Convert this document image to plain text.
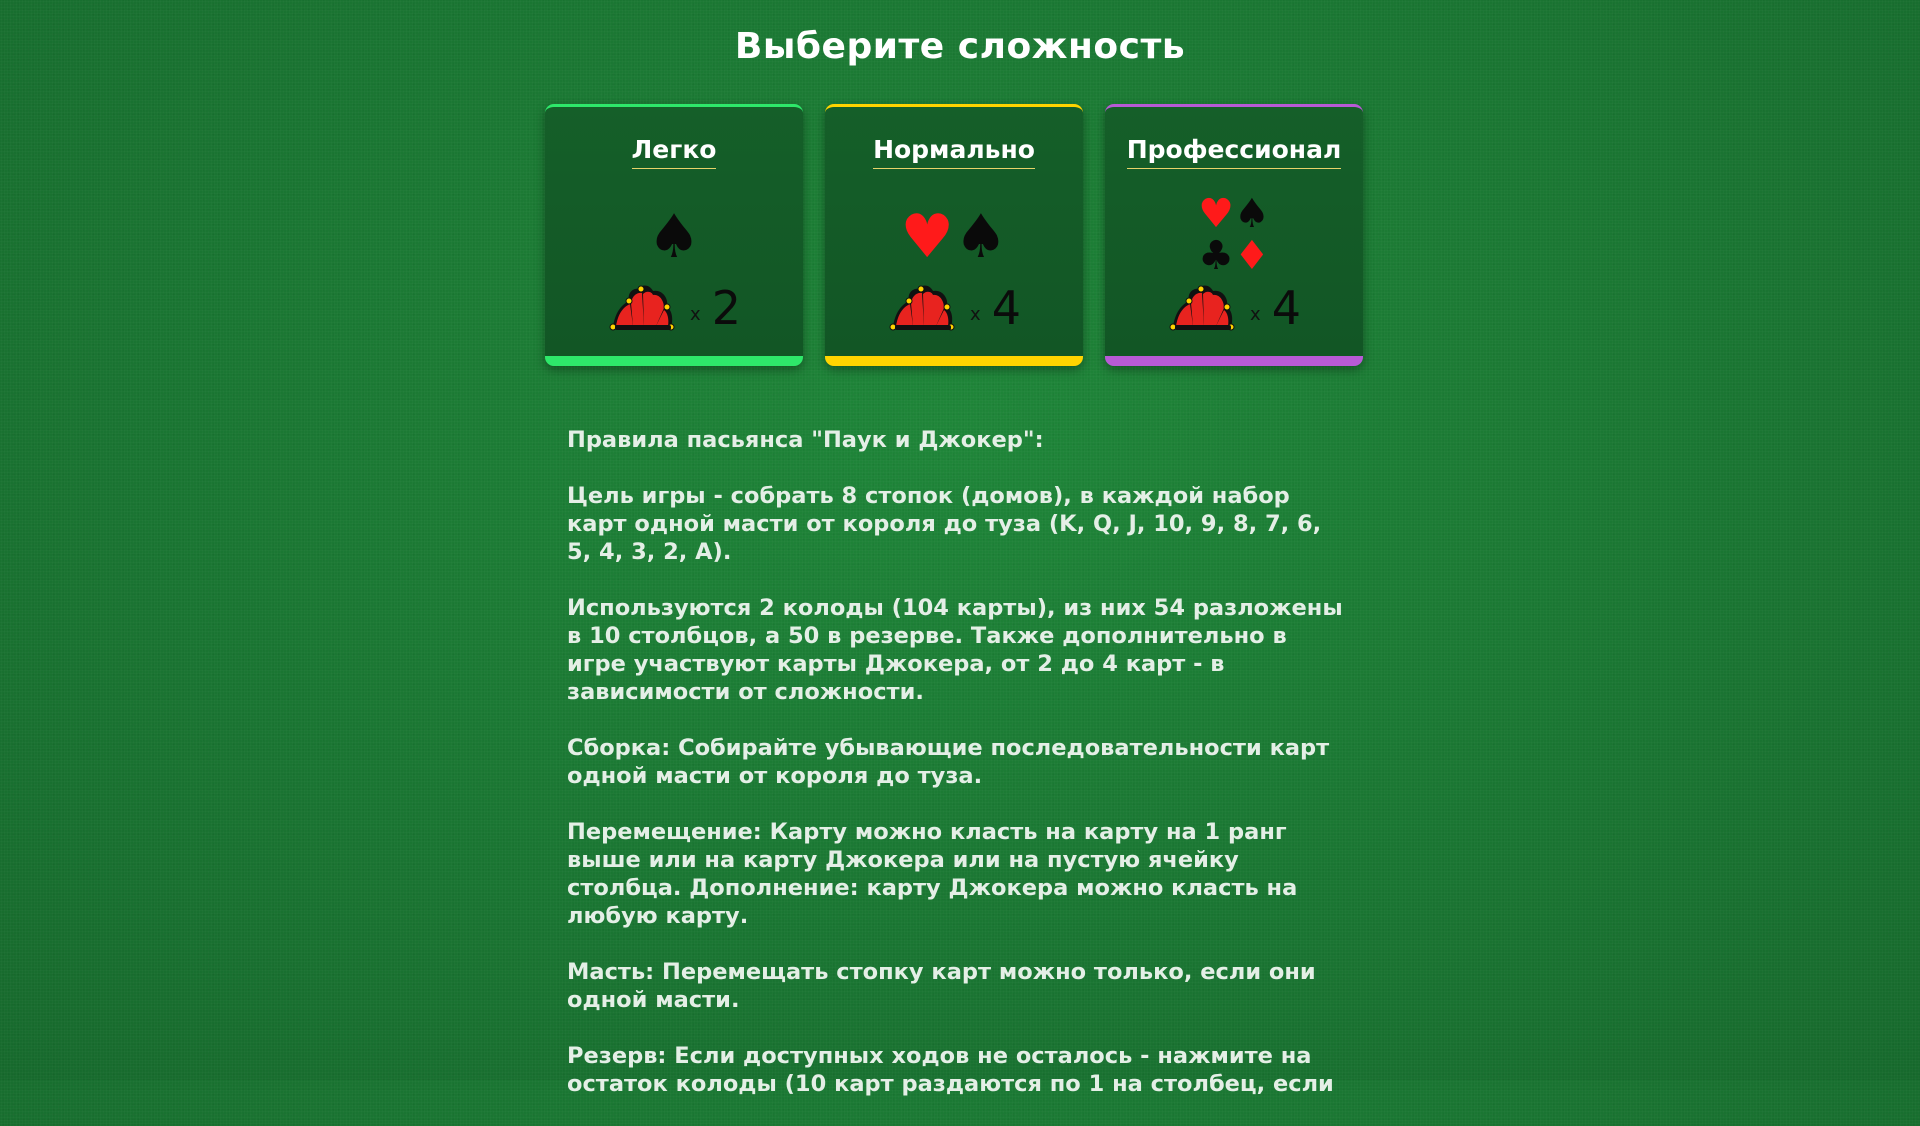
Выберите сложность
Легко
♠
x 2
Нормально
♥♠
x 4
Профессионал
♥♠
♣♦
x 4

Правила пасьянса "Паук и Джокер":

Цель игры - собрать 8 стопок (домов), в каждой набор карт одной масти от короля до туза (K, Q, J, 10, 9, 8, 7, 6, 5, 4, 3, 2, A).

Используются 2 колоды (104 карты), из них 54 разложены в 10 столбцов, а 50 в резерве. Также дополнительно в игре участвуют карты Джокера, от 2 до 4 карт - в зависимости от сложности.

Сборка: Собирайте убывающие последовательности карт одной масти от короля до туза.

Перемещение: Карту можно класть на карту на 1 ранг выше или на карту Джокера или на пустую ячейку столбца. Дополнение: карту Джокера можно класть на любую карту.

Масть: Перемещать стопку карт можно только, если они одной масти.

Резерв: Если доступных ходов не осталось - нажмите на остаток колоды (10 карт раздаются по 1 на столбец, если
